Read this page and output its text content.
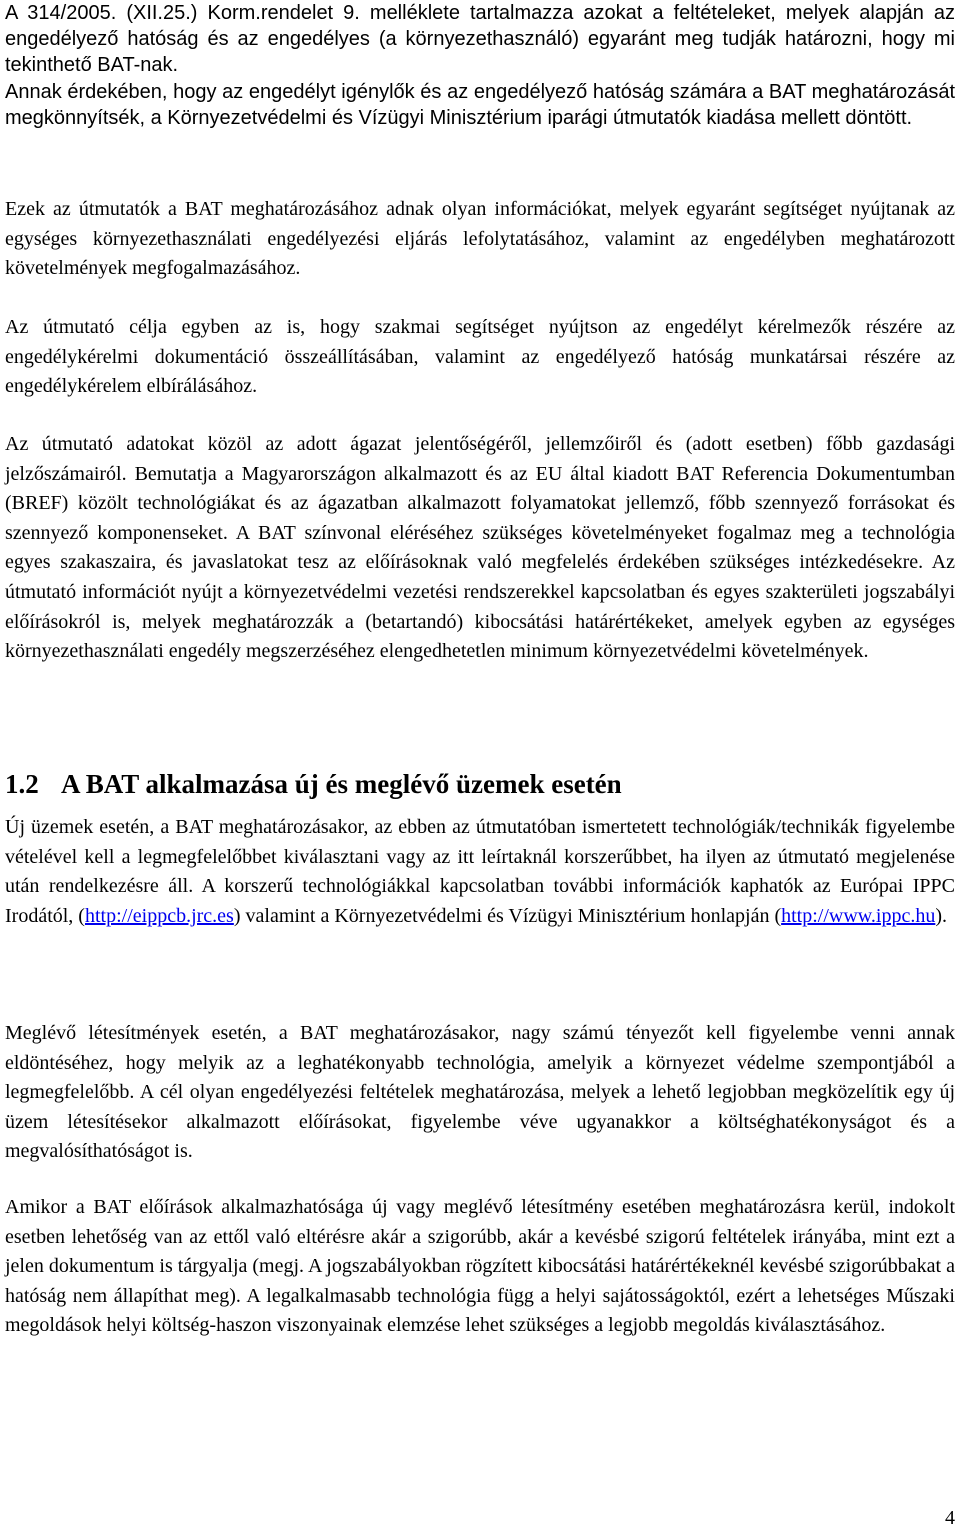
A 314/2005. (XII.25.) Korm.rendelet 9. melléklete tartalmazza azokat a feltételeket, melyek alapján az engedélyező hatóság és az engedélyes (a környezethasználó) egyaránt meg tudják határozni, hogy mi tekinthető BAT-nak.

Annak érdekében, hogy az engedélyt igénylők és az engedélyező hatóság számára a BAT meghatározását megkönnyítsék, a Környezetvédelmi és Vízügyi Minisztérium iparági útmutatók kiadása mellett döntött.

Ezek az útmutatók a BAT meghatározásához adnak olyan információkat, melyek egyaránt segítséget nyújtanak az egységes környezethasználati engedélyezési eljárás lefolytatásához, valamint az engedélyben meghatározott követelmények megfogalmazásához.

Az útmutató célja egyben az is, hogy szakmai segítséget nyújtson az engedélyt kérelmezők részére az engedélykérelmi dokumentáció összeállításában, valamint az engedélyező hatóság munkatársai részére az engedélykérelem elbírálásához.

Az útmutató adatokat közöl az adott ágazat jelentőségéről, jellemzőiről és (adott esetben) főbb gazdasági jelzőszámairól. Bemutatja a Magyarországon alkalmazott és az EU által kiadott BAT Referencia Dokumentumban (BREF) közölt technológiákat és az ágazatban alkalmazott folyamatokat jellemző, főbb szennyező forrásokat és szennyező komponenseket. A BAT színvonal eléréséhez szükséges követelményeket fogalmaz meg a technológia egyes szakaszaira, és javaslatokat tesz az előírásoknak való megfelelés érdekében szükséges intézkedésekre. Az útmutató információt nyújt a környezetvédelmi vezetési rendszerekkel kapcsolatban és egyes szakterületi jogszabályi előírásokról is, melyek meghatározzák a (betartandó) kibocsátási határértékeket, amelyek egyben az egységes környezethasználati engedély megszerzéséhez elengedhetetlen minimum környezetvédelmi követelmények.

1.2 A BAT alkalmazása új és meglévő üzemek esetén

Új üzemek esetén, a BAT meghatározásakor, az ebben az útmutatóban ismertetett technológiák/technikák figyelembe vételével kell a legmegfelelőbbet kiválasztani vagy az itt leírtaknál korszerűbbet, ha ilyen az útmutató megjelenése után rendelkezésre áll. A korszerű technológiákkal kapcsolatban további információk kaphatók az Európai IPPC Irodától, (http://eippcb.jrc.es) valamint a Környezetvédelmi és Vízügyi Minisztérium honlapján (http://www.ippc.hu).

Meglévő létesítmények esetén, a BAT meghatározásakor, nagy számú tényezőt kell figyelembe venni annak eldöntéséhez, hogy melyik az a leghatékonyabb technológia, amelyik a környezet védelme szempontjából a legmegfelelőbb. A cél olyan engedélyezési feltételek meghatározása, melyek a lehető legjobban megközelítik egy új üzem létesítésekor alkalmazott előírásokat, figyelembe véve ugyanakkor a költséghatékonyságot és a megvalósíthatóságot is.

Amikor a BAT előírások alkalmazhatósága új vagy meglévő létesítmény esetében meghatározásra kerül, indokolt esetben lehetőség van az ettől való eltérésre akár a szigorúbb, akár a kevésbé szigorú feltételek irányába, mint ezt a jelen dokumentum is tárgyalja (megj. A jogszabályokban rögzített kibocsátási határértékeknél kevésbé szigorúbbakat a hatóság nem állapíthat meg). A legalkalmasabb technológia függ a helyi sajátosságoktól, ezért a lehetséges Műszaki megoldások helyi költség-haszon viszonyainak elemzése lehet szükséges a legjobb megoldás kiválasztásához.

4
